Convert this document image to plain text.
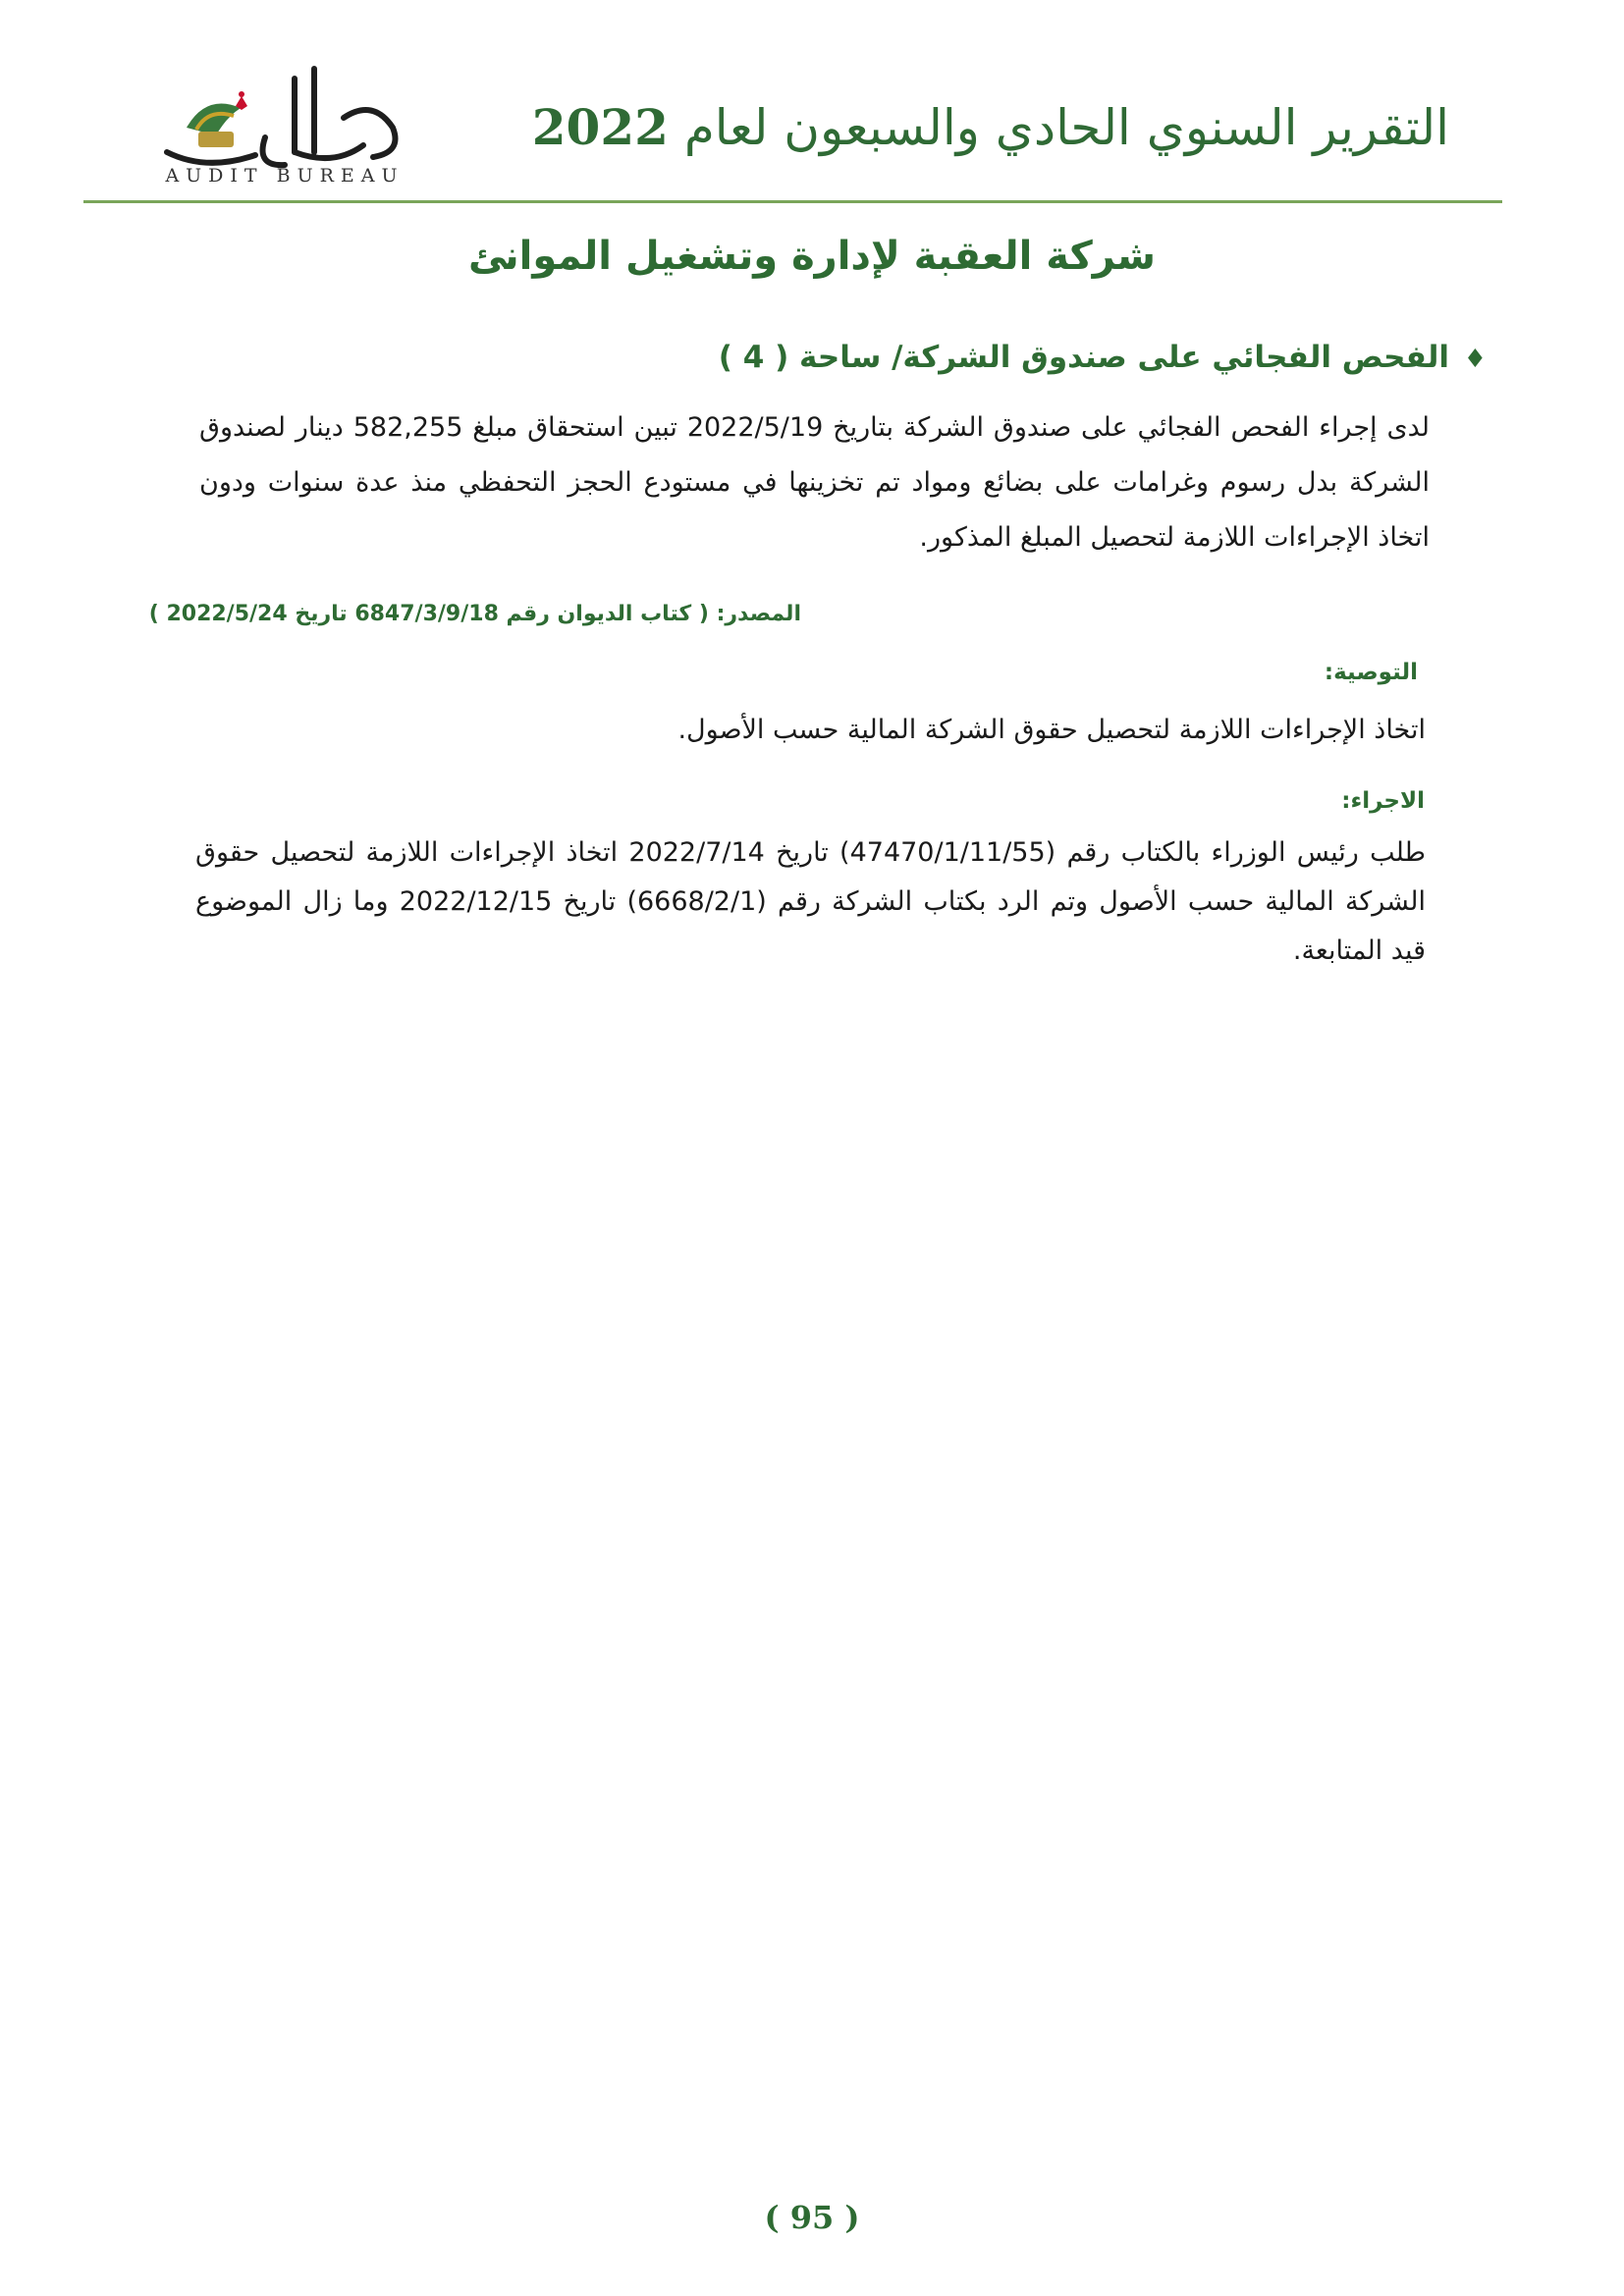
التقرير السنوي الحادي والسبعون لعام 2022
AUDIT BUREAU
شركة العقبة لإدارة وتشغيل الموانئ
♦
الفحص الفجائي على صندوق الشركة/ ساحة ( 4 )
لدى إجراء الفحص الفجائي على صندوق الشركة بتاريخ 2022/5/19 تبين استحقاق مبلغ 582,255 دينار لصندوق الشركة بدل رسوم وغرامات على بضائع ومواد تم تخزينها في مستودع الحجز التحفظي منذ عدة سنوات ودون اتخاذ الإجراءات اللازمة لتحصيل المبلغ المذكور.
المصدر: ( كتاب الديوان رقم 6847/3/9/18 تاريخ 2022/5/24 )
التوصية:
اتخاذ الإجراءات اللازمة لتحصيل حقوق الشركة المالية حسب الأصول.
الاجراء:
طلب رئيس الوزراء بالكتاب رقم (47470/1/11/55) تاريخ 2022/7/14 اتخاذ الإجراءات اللازمة لتحصيل حقوق الشركة المالية حسب الأصول وتم الرد بكتاب الشركة رقم (6668/2/1) تاريخ 2022/12/15 وما زال الموضوع قيد المتابعة.
( 95 )
